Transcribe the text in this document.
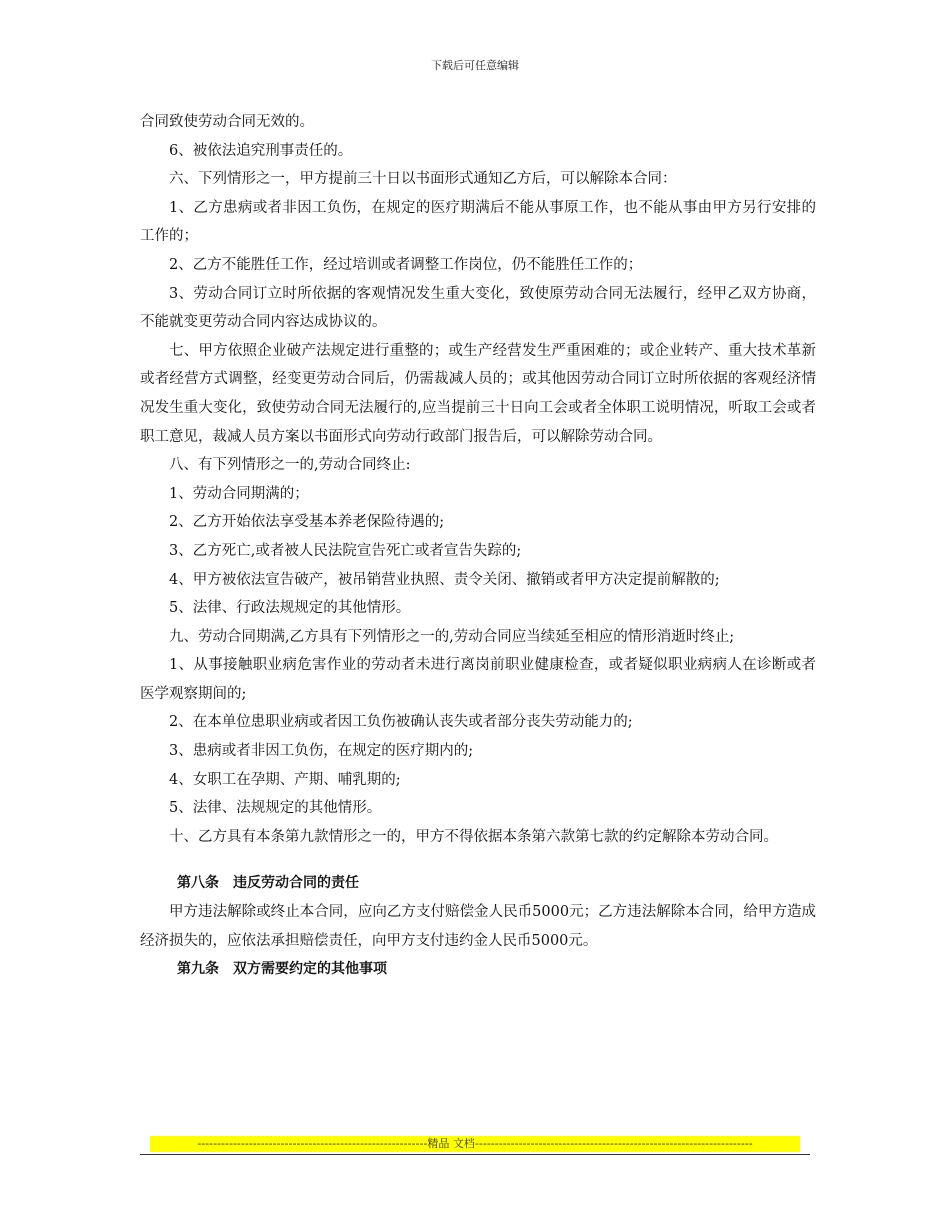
下载后可任意编辑

合同致使劳动合同无效的。

6、被依法追究刑事责任的。

六、下列情形之一，甲方提前三十日以书面形式通知乙方后，可以解除本合同：

1、乙方患病或者非因工负伤，在规定的医疗期满后不能从事原工作，也不能从事由甲方另行安排的工作的；

2、乙方不能胜任工作，经过培训或者调整工作岗位，仍不能胜任工作的；

3、劳动合同订立时所依据的客观情况发生重大变化，致使原劳动合同无法履行，经甲乙双方协商，不能就变更劳动合同内容达成协议的。

七、甲方依照企业破产法规定进行重整的；或生产经营发生严重困难的；或企业转产、重大技术革新或者经营方式调整，经变更劳动合同后，仍需裁减人员的；或其他因劳动合同订立时所依据的客观经济情况发生重大变化，致使劳动合同无法履行的,应当提前三十日向工会或者全体职工说明情况，听取工会或者职工意见，裁减人员方案以书面形式向劳动行政部门报告后，可以解除劳动合同。

八、有下列情形之一的,劳动合同终止:

1、劳动合同期满的；

2、乙方开始依法享受基本养老保险待遇的;

3、乙方死亡,或者被人民法院宣告死亡或者宣告失踪的;

4、甲方被依法宣告破产，被吊销营业执照、责令关闭、撤销或者甲方决定提前解散的;

5、法律、行政法规规定的其他情形。

九、劳动合同期满,乙方具有下列情形之一的,劳动合同应当续延至相应的情形消逝时终止;

1、从事接触职业病危害作业的劳动者未进行离岗前职业健康检查，或者疑似职业病病人在诊断或者医学观察期间的;

2、在本单位患职业病或者因工负伤被确认丧失或者部分丧失劳动能力的;

3、患病或者非因工负伤，在规定的医疗期内的;

4、女职工在孕期、产期、哺乳期的;

5、法律、法规规定的其他情形。

十、乙方具有本条第九款情形之一的，甲方不得依据本条第六款第七款的约定解除本劳动合同。

第八条　违反劳动合同的责任

甲方违法解除或终止本合同，应向乙方支付赔偿金人民币5000元；乙方违法解除本合同，给甲方造成经济损失的，应依法承担赔偿责任，向甲方支付违约金人民币5000元。

第九条　双方需要约定的其他事项

----------------------------------------------------------精品 文档----------------------------------------------------------------------
